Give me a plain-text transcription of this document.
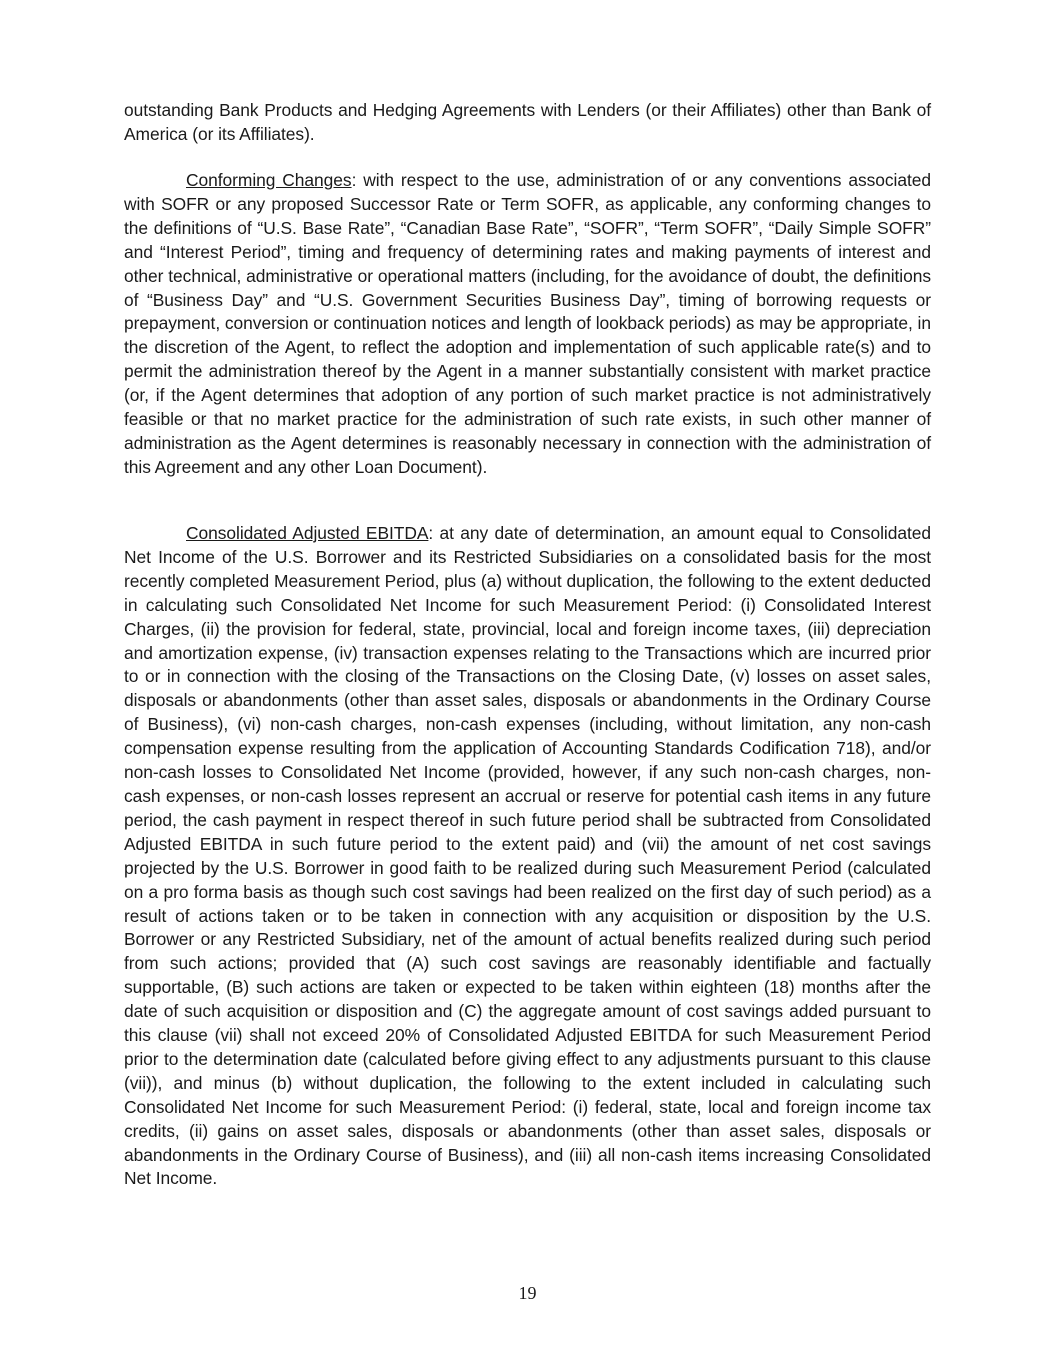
outstanding Bank Products and Hedging Agreements with Lenders (or their Affiliates) other than Bank of America (or its Affiliates).

Conforming Changes: with respect to the use, administration of or any conventions associated with SOFR or any proposed Successor Rate or Term SOFR, as applicable, any conforming changes to the definitions of “U.S. Base Rate”, “Canadian Base Rate”, “SOFR”, “Term SOFR”, “Daily Simple SOFR” and “Interest Period”, timing and frequency of determining rates and making payments of interest and other technical, administrative or operational matters (including, for the avoidance of doubt, the definitions of “Business Day” and “U.S. Government Securities Business Day”, timing of borrowing requests or prepayment, conversion or continuation notices and length of lookback periods) as may be appropriate, in the discretion of the Agent, to reflect the adoption and implementation of such applicable rate(s) and to permit the administration thereof by the Agent in a manner substantially consistent with market practice (or, if the Agent determines that adoption of any portion of such market practice is not administratively feasible or that no market practice for the administration of such rate exists, in such other manner of administration as the Agent determines is reasonably necessary in connection with the administration of this Agreement and any other Loan Document).

Consolidated Adjusted EBITDA: at any date of determination, an amount equal to Consolidated Net Income of the U.S. Borrower and its Restricted Subsidiaries on a consolidated basis for the most recently completed Measurement Period, plus (a) without duplication, the following to the extent deducted in calculating such Consolidated Net Income for such Measurement Period: (i) Consolidated Interest Charges, (ii) the provision for federal, state, provincial, local and foreign income taxes, (iii) depreciation and amortization expense, (iv) transaction expenses relating to the Transactions which are incurred prior to or in connection with the closing of the Transactions on the Closing Date, (v) losses on asset sales, disposals or abandonments (other than asset sales, disposals or abandonments in the Ordinary Course of Business), (vi) non-cash charges, non-cash expenses (including, without limitation, any non-cash compensation expense resulting from the application of Accounting Standards Codification 718), and/or non-cash losses to Consolidated Net Income (provided, however, if any such non-cash charges, non-cash expenses, or non-cash losses represent an accrual or reserve for potential cash items in any future period, the cash payment in respect thereof in such future period shall be subtracted from Consolidated Adjusted EBITDA in such future period to the extent paid) and (vii) the amount of net cost savings projected by the U.S. Borrower in good faith to be realized during such Measurement Period (calculated on a pro forma basis as though such cost savings had been realized on the first day of such period) as a result of actions taken or to be taken in connection with any acquisition or disposition by the U.S. Borrower or any Restricted Subsidiary, net of the amount of actual benefits realized during such period from such actions; provided that (A) such cost savings are reasonably identifiable and factually supportable, (B) such actions are taken or expected to be taken within eighteen (18) months after the date of such acquisition or disposition and (C) the aggregate amount of cost savings added pursuant to this clause (vii) shall not exceed 20% of Consolidated Adjusted EBITDA for such Measurement Period prior to the determination date (calculated before giving effect to any adjustments pursuant to this clause (vii)), and minus (b) without duplication, the following to the extent included in calculating such Consolidated Net Income for such Measurement Period: (i) federal, state, local and foreign income tax credits, (ii) gains on asset sales, disposals or abandonments (other than asset sales, disposals or abandonments in the Ordinary Course of Business), and (iii) all non-cash items increasing Consolidated Net Income.

19
